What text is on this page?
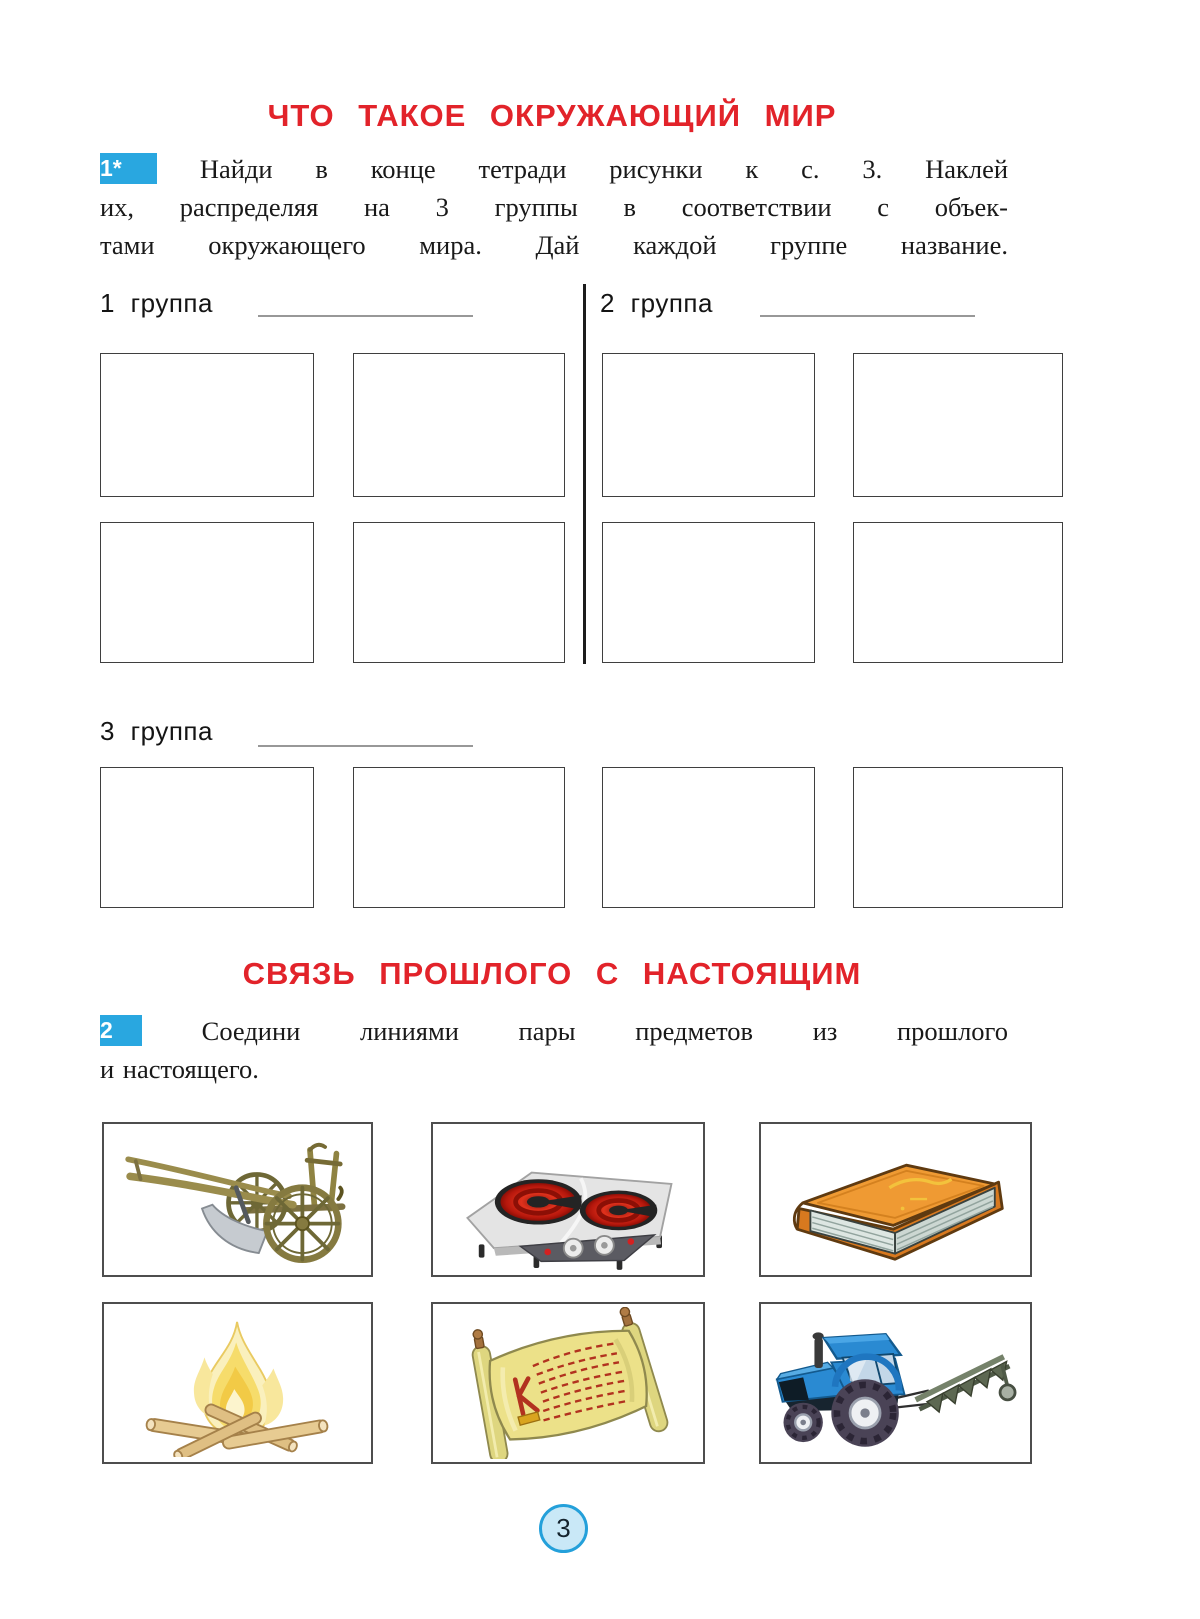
ЧТО ТАКОЕ ОКРУЖАЮЩИЙ МИР
1*	Найди в конце тетради рисунки к с. 3. Наклей
их, распределяя на 3 группы в соответствии с объек-
тами окружающего мира. Дай каждой группе название.
1 группа	2 группа
3 группа
СВЯЗЬ ПРОШЛОГО С НАСТОЯЩИМ
2	Соедини линиями пары предметов из прошлого
и настоящего.
3
